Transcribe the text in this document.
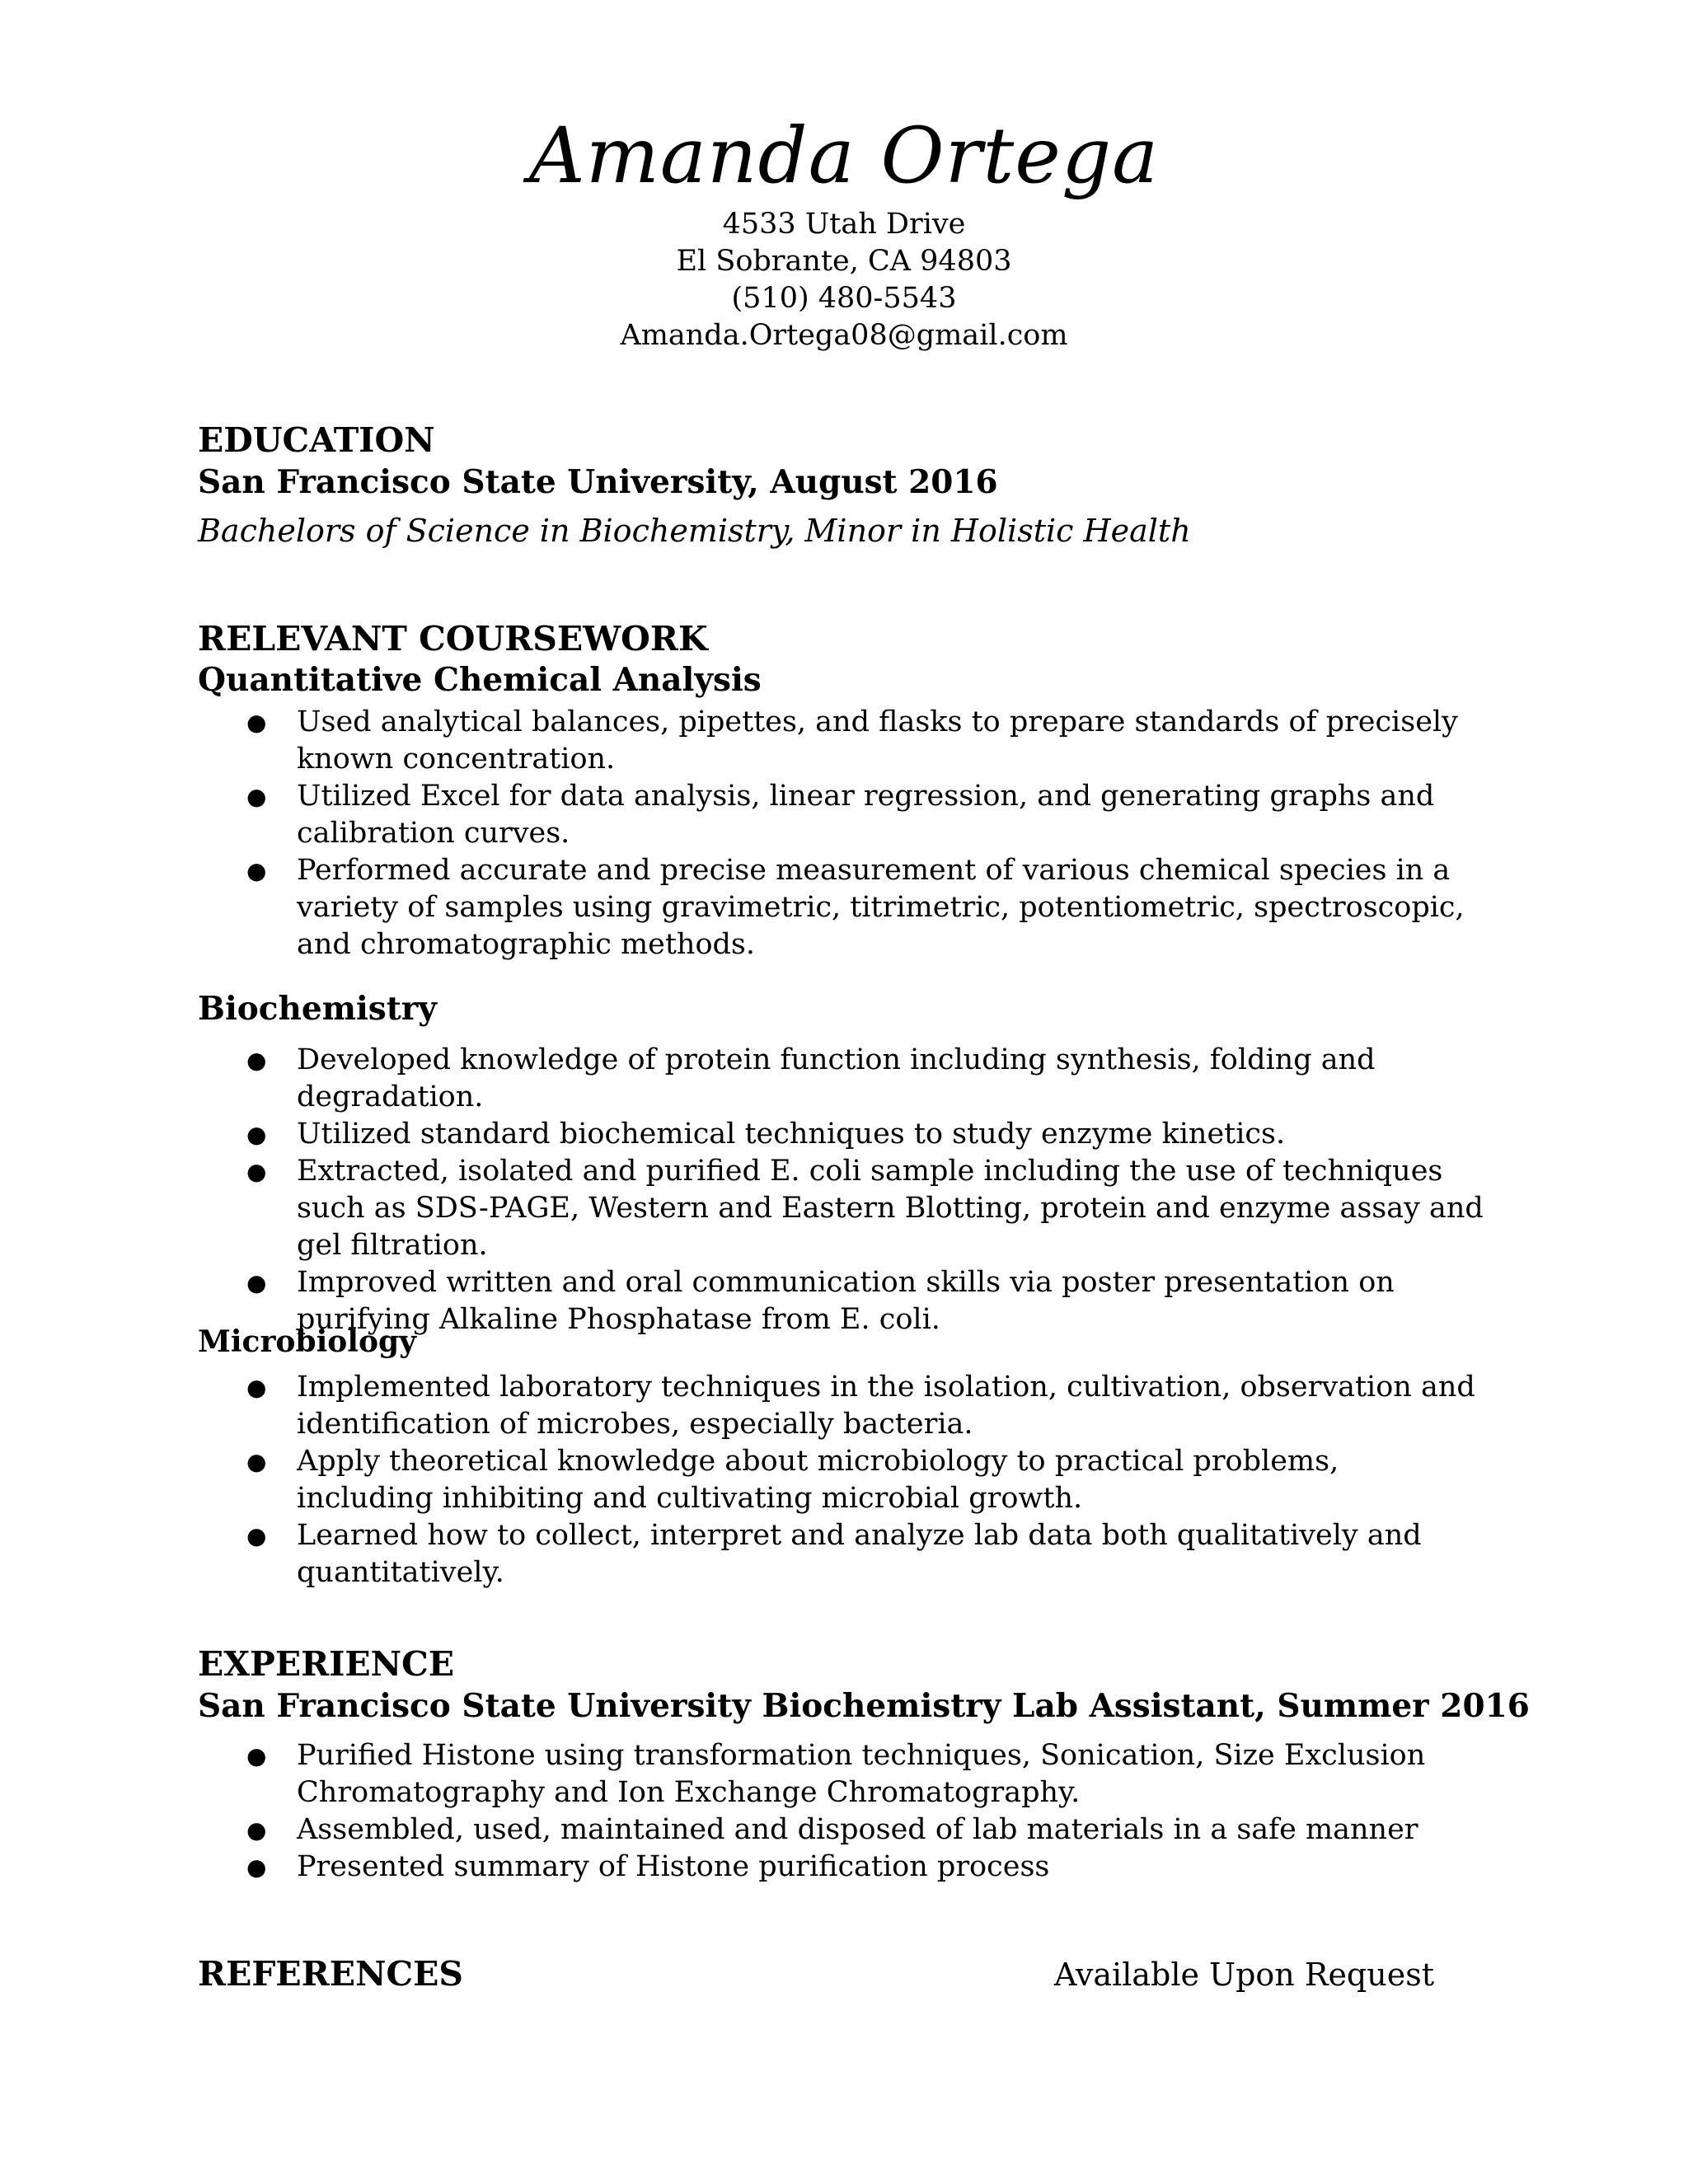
Amanda Ortega

4533 Utah Drive

El Sobrante, CA 94803

(510) 480-5543

Amanda.Ortega08@gmail.com

EDUCATION

San Francisco State University, August 2016

Bachelors of Science in Biochemistry, Minor in Holistic Health

RELEVANT COURSEWORK

Quantitative Chemical Analysis

● Used analytical balances, pipettes, and flasks to prepare standards of precisely known concentration.
● Utilized Excel for data analysis, linear regression, and generating graphs and calibration curves.
● Performed accurate and precise measurement of various chemical species in a variety of samples using gravimetric, titrimetric, potentiometric, spectroscopic, and chromatographic methods.

Biochemistry

● Developed knowledge of protein function including synthesis, folding and degradation.
● Utilized standard biochemical techniques to study enzyme kinetics.
● Extracted, isolated and purified E. coli sample including the use of techniques such as SDS-PAGE, Western and Eastern Blotting, protein and enzyme assay and gel filtration.
● Improved written and oral communication skills via poster presentation on purifying Alkaline Phosphatase from E. coli.

Microbiology

● Implemented laboratory techniques in the isolation, cultivation, observation and identification of microbes, especially bacteria.
● Apply theoretical knowledge about microbiology to practical problems, including inhibiting and cultivating microbial growth.
● Learned how to collect, interpret and analyze lab data both qualitatively and quantitatively.

EXPERIENCE

San Francisco State University Biochemistry Lab Assistant, Summer 2016

● Purified Histone using transformation techniques, Sonication, Size Exclusion Chromatography and Ion Exchange Chromatography.
● Assembled, used, maintained and disposed of lab materials in a safe manner
● Presented summary of Histone purification process

REFERENCES	Available Upon Request
